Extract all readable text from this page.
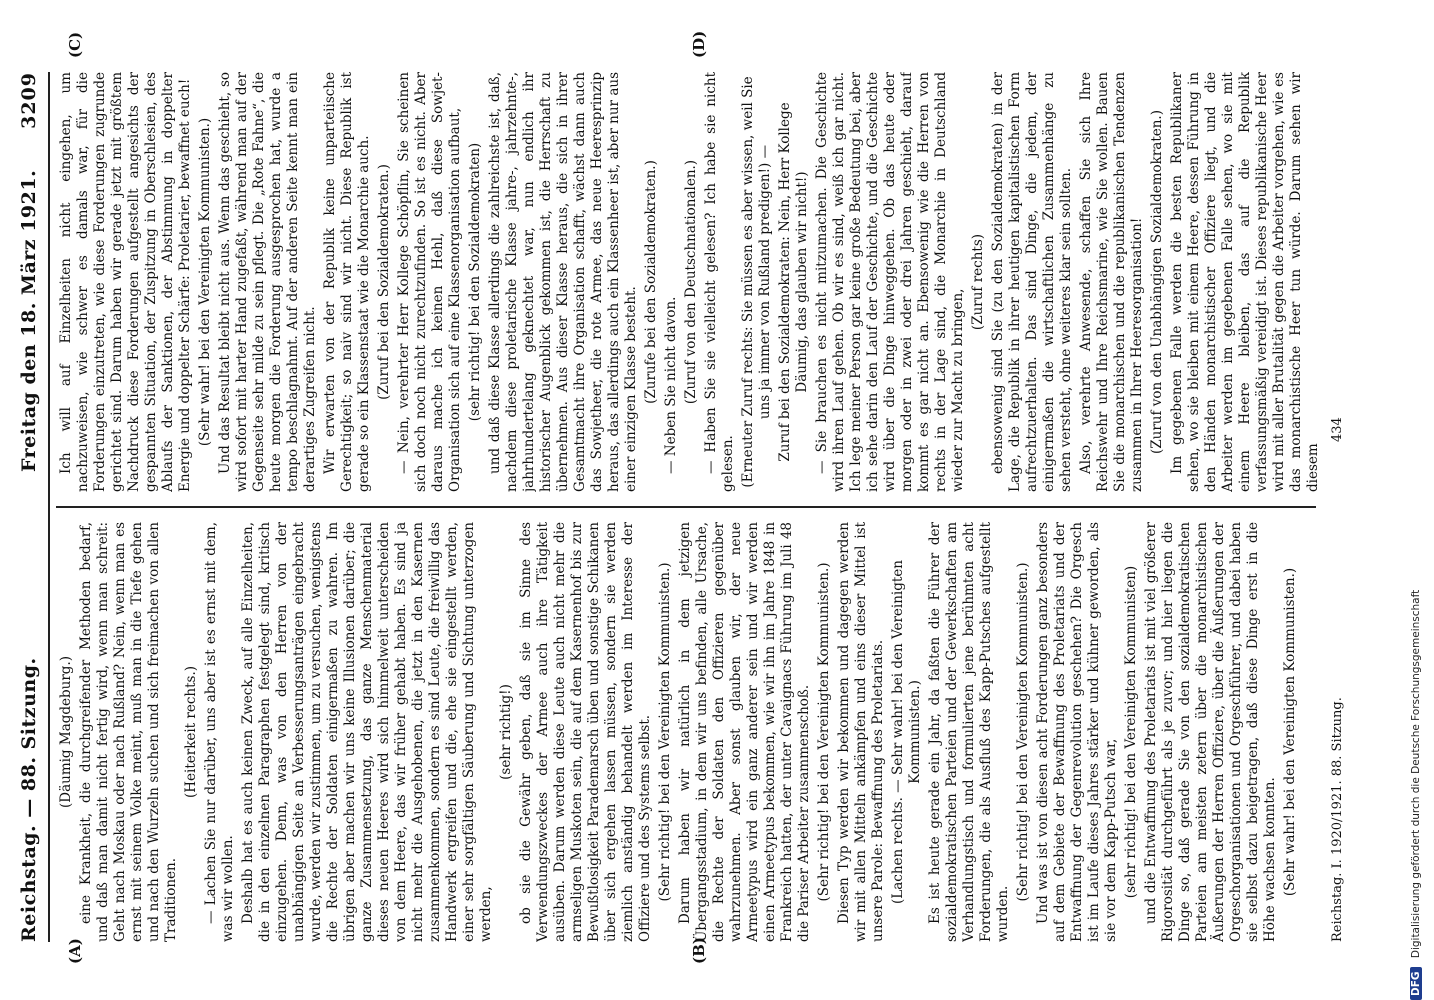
Reichstag. — 88. Sitzung.
Freitag den 18. März 1921.
3209
(A)	(B)
(C)	(D)

(Däumig Magdeburg.) eine Krankheit, die durchgreifender Methoden bedarf, und daß man damit nicht fertig wird, wenn man schreit: Geht nach Moskau oder nach Rußland? Nein, wenn man es ernst mit seinem Volke meint, muß man in die Tiefe gehen und nach den Wurzeln suchen und sich freimachen von allen Traditionen.

(Heiterkeit rechts.) — Lachen Sie nur darüber, uns aber ist es ernst mit dem, was wir wollen. Deshalb hat es auch keinen Zweck, auf alle Einzelheiten, die in den einzelnen Paragraphen festgelegt sind, kritisch einzugehen. Denn, was von den Herren von der unabhängigen Seite an Verbesserungsanträgen eingebracht wurde, werden wir zustimmen, um zu versuchen, wenigstens die Rechte der Soldaten einigermaßen zu wahren. Im übrigen aber machen wir uns keine Illusionen darüber; die ganze Zusammensetzung, das ganze Menschenmaterial dieses neuen Heeres wird sich himmelweit unterscheiden von dem Heere, das wir früher gehabt haben. Es sind ja nicht mehr die Ausgehobenen, die jetzt in den Kasernen zusammenkommen, sondern es sind Leute, die freiwillig das Handwerk ergreifen und die, ehe sie eingestellt werden, einer sehr sorgfältigen Säuberung und Sichtung unterzogen werden,

(sehr richtig!) ob sie die Gewähr geben, daß sie im Sinne des Verwendungszweckes der Armee auch ihre Tätigkeit ausüben. Darum werden diese Leute auch nicht mehr die armseligen Muskoten sein, die auf dem Kasernenhof bis zur Bewußtlosigkeit Parademarsch üben und sonstige Schikanen über sich ergehen lassen müssen, sondern sie werden ziemlich anständig behandelt werden im Interesse der Offiziere und des Systems selbst. (Sehr richtig! bei den Vereinigten Kommunisten.) Darum haben wir natürlich in dem jetzigen Übergangsstadium, in dem wir uns befinden, alle Ursache, die Rechte der Soldaten den Offizieren gegenüber wahrzunehmen. Aber sonst glauben wir, der neue Armeetypus wird ein ganz anderer sein und wir werden einen Armeetypus bekommen, wie wir ihn im Jahre 1848 in Frankreich hatten, der unter Cavaignacs Führung im Juli 48 die Pariser Arbeiter zusammenschoß. (Sehr richtig! bei den Vereinigten Kommunisten.) Diesen Typ werden wir bekommen und dagegen werden wir mit allen Mitteln ankämpfen und eins dieser Mittel ist unsere Parole: Bewaffnung des Proletariats. (Lachen rechts. — Sehr wahr! bei den Vereinigten Kommunisten.) Es ist heute gerade ein Jahr, da faßten die Führer der sozialdemokratischen Parteien und der Gewerkschaften am Verhandlungstisch und formulierten jene berühmten acht Forderungen, die als Ausfluß des Kapp-Putsches aufgestellt wurden.

(Sehr richtig! bei den Vereinigten Kommunisten.) Und was ist von diesen acht Forderungen ganz besonders auf dem Gebiete der Bewaffnung des Proletariats und der Entwaffnung der Gegenrevolution geschehen? Die Orgesch ist im Laufe dieses Jahres stärker und kühner geworden, als sie vor dem Kapp-Putsch war, (sehr richtig! bei den Vereinigten Kommunisten) und die Entwaffnung des Proletariats ist mit viel größerer Rigorosität durchgeführt als je zuvor; und hier liegen die Dinge so, daß gerade Sie von den sozialdemokratischen Parteien am meisten zetern über die monarchistischen Äußerungen der Herren Offiziere, über die Äußerungen der Orgeschorganisationen und Orgeschführer, und dabei haben sie selbst dazu beigetragen, daß diese Dinge erst in die Höhe wachsen konnten. (Sehr wahr! bei den Vereinigten Kommunisten.)

Ich will auf Einzelheiten nicht eingehen, um nachzuweisen, wie schwer es damals war, für die Forderungen einzutreten, wie diese Forderungen zugrunde gerichtet sind. Darum haben wir gerade jetzt mit größtem Nachdruck diese Forderungen aufgestellt angesichts der gespannten Situation, der Zuspitzung in Oberschlesien, des Ablaufs der Sanktionen, der Abstimmung in doppelter Energie und doppelter Schärfe: Proletarier, bewaffnet euch! (Sehr wahr! bei den Vereinigten Kommunisten.) Und das Resultat bleibt nicht aus. Wenn das geschieht, so wird sofort mit harter Hand zugefaßt, während man auf der Gegenseite sehr milde zu sein pflegt. Die „Rote Fahne“, die heute morgen die Forderung ausgesprochen hat, wurde a tempo beschlagnahmt. Auf der anderen Seite kennt man ein derartiges Zugreifen nicht. Wir erwarten von der Republik keine unparteiische Gerechtigkeit; so naiv sind wir nicht. Diese Republik ist gerade so ein Klassenstaat wie die Monarchie auch. (Zuruf bei den Sozialdemokraten.) — Nein, verehrter Herr Kollege Schöpflin, Sie scheinen sich doch noch nicht zurechtzufinden. So ist es nicht. Aber daraus mache ich keinen Hehl, daß diese Sowjet-Organisation sich auf eine Klassenorganisation aufbaut, (sehr richtig! bei den Sozialdemokraten) und daß diese Klasse allerdings die zahlreichste ist, daß, nachdem diese proletarische Klasse jahre-, jahrzehnte-, jahrhundertelang geknechtet war, nun endlich ihr historischer Augenblick gekommen ist, die Herrschaft zu übernehmen. Aus dieser Klasse heraus, die sich in ihrer Gesamtmacht ihre Organisation schafft, wächst dann auch das Sowjetheer, die rote Armee, das neue Heeresprinzip heraus, das allerdings auch ein Klassenheer ist, aber nur aus einer einzigen Klasse besteht. (Zurufe bei den Sozialdemokraten.) — Neben Sie nicht davon. (Zuruf von den Deutschnationalen.) — Haben Sie sie vielleicht gelesen? Ich habe sie nicht gelesen. (Erneuter Zuruf rechts: Sie müssen es aber wissen, weil Sie uns ja immer von Rußland predigen!) — Zuruf bei den Sozialdemokraten: Nein, Herr Kollege Däumig, das glauben wir nicht!) — Sie brauchen es nicht mitzumachen. Die Geschichte wird ihren Lauf gehen. Ob wir es sind, weiß ich gar nicht. Ich lege meiner Person gar keine große Bedeutung bei, aber ich sehe darin den Lauf der Geschichte, und die Geschichte wird über die Dinge hinweggehen. Ob das heute oder morgen oder in zwei oder drei Jahren geschieht, darauf kommt es gar nicht an. Ebensowenig wie die Herren von rechts in der Lage sind, die Monarchie in Deutschland wieder zur Macht zu bringen,

(Zuruf rechts) ebensowenig sind Sie (zu den Sozialdemokraten) in der Lage, die Republik in ihrer heutigen kapitalistischen Form aufrechtzuerhalten. Das sind Dinge, die jedem, der einigermaßen die wirtschaftlichen Zusammenhänge zu sehen versteht, ohne weiteres klar sein sollten. Also, verehrte Anwesende, schaffen Sie sich Ihre Reichswehr und Ihre Reichsmarine, wie Sie wollen. Bauen Sie die monarchischen und die republikanischen Tendenzen zusammen in Ihrer Heeresorganisation! (Zuruf von den Unabhängigen Sozialdemokraten.) Im gegebenen Falle werden die besten Republikaner sehen, wo sie bleiben mit einem Heere, dessen Führung in den Händen monarchistischer Offiziere liegt, und die Arbeiter werden im gegebenen Falle sehen, wo sie mit einem Heere bleiben, das auf die Republik verfassungsmäßig vereidigt ist. Dieses republikanische Heer wird mit aller Brutalität gegen die Arbeiter vorgehen, wie es das monarchistische Heer tun würde. Darum sehen wir diesem

Reichstag. I. 1920/1921. 88. Sitzung.
434
DFG Digitalisierung gefördert durch die Deutsche Forschungsgemeinschaft
